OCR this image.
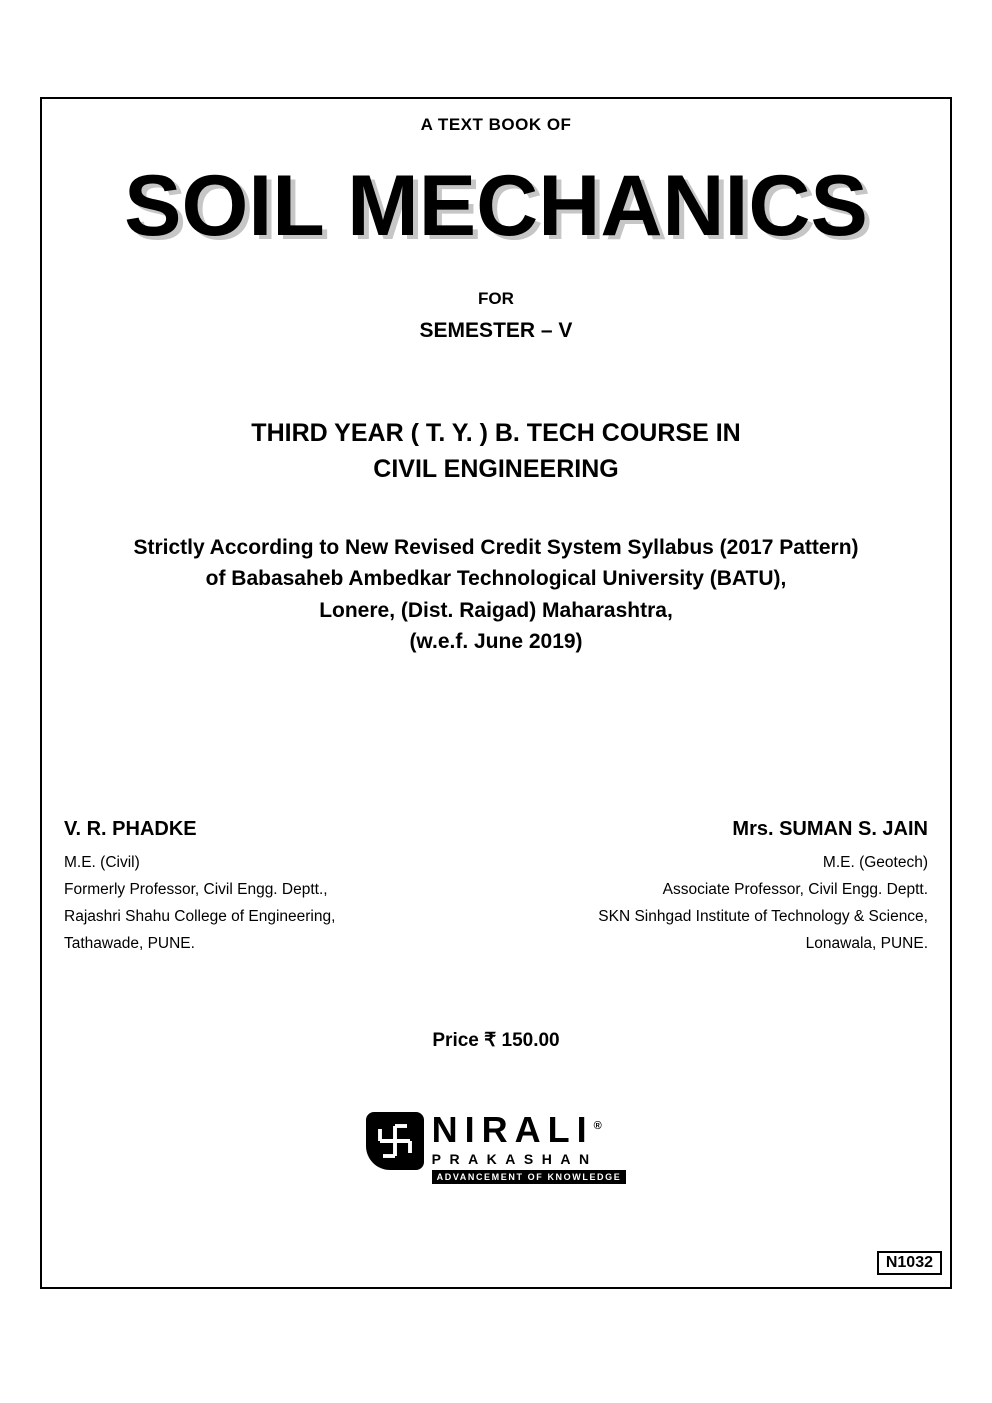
A TEXT BOOK OF
SOIL MECHANICS
FOR
SEMESTER – V
THIRD YEAR ( T. Y. ) B. TECH COURSE IN
CIVIL ENGINEERING
Strictly According to New Revised Credit System Syllabus (2017 Pattern)
of Babasaheb Ambedkar Technological University (BATU),
Lonere, (Dist. Raigad) Maharashtra,
(w.e.f. June 2019)
V. R. PHADKE
M.E. (Civil)
Formerly Professor, Civil Engg. Deptt.,
Rajashri Shahu College of Engineering,
Tathawade, PUNE.
Mrs. SUMAN S. JAIN
M.E. (Geotech)
Associate Professor, Civil Engg. Deptt.
SKN Sinhgad Institute of Technology & Science,
Lonawala, PUNE.
Price ₹ 150.00
NIRALI®
PRAKASHAN
ADVANCEMENT OF KNOWLEDGE
N1032
